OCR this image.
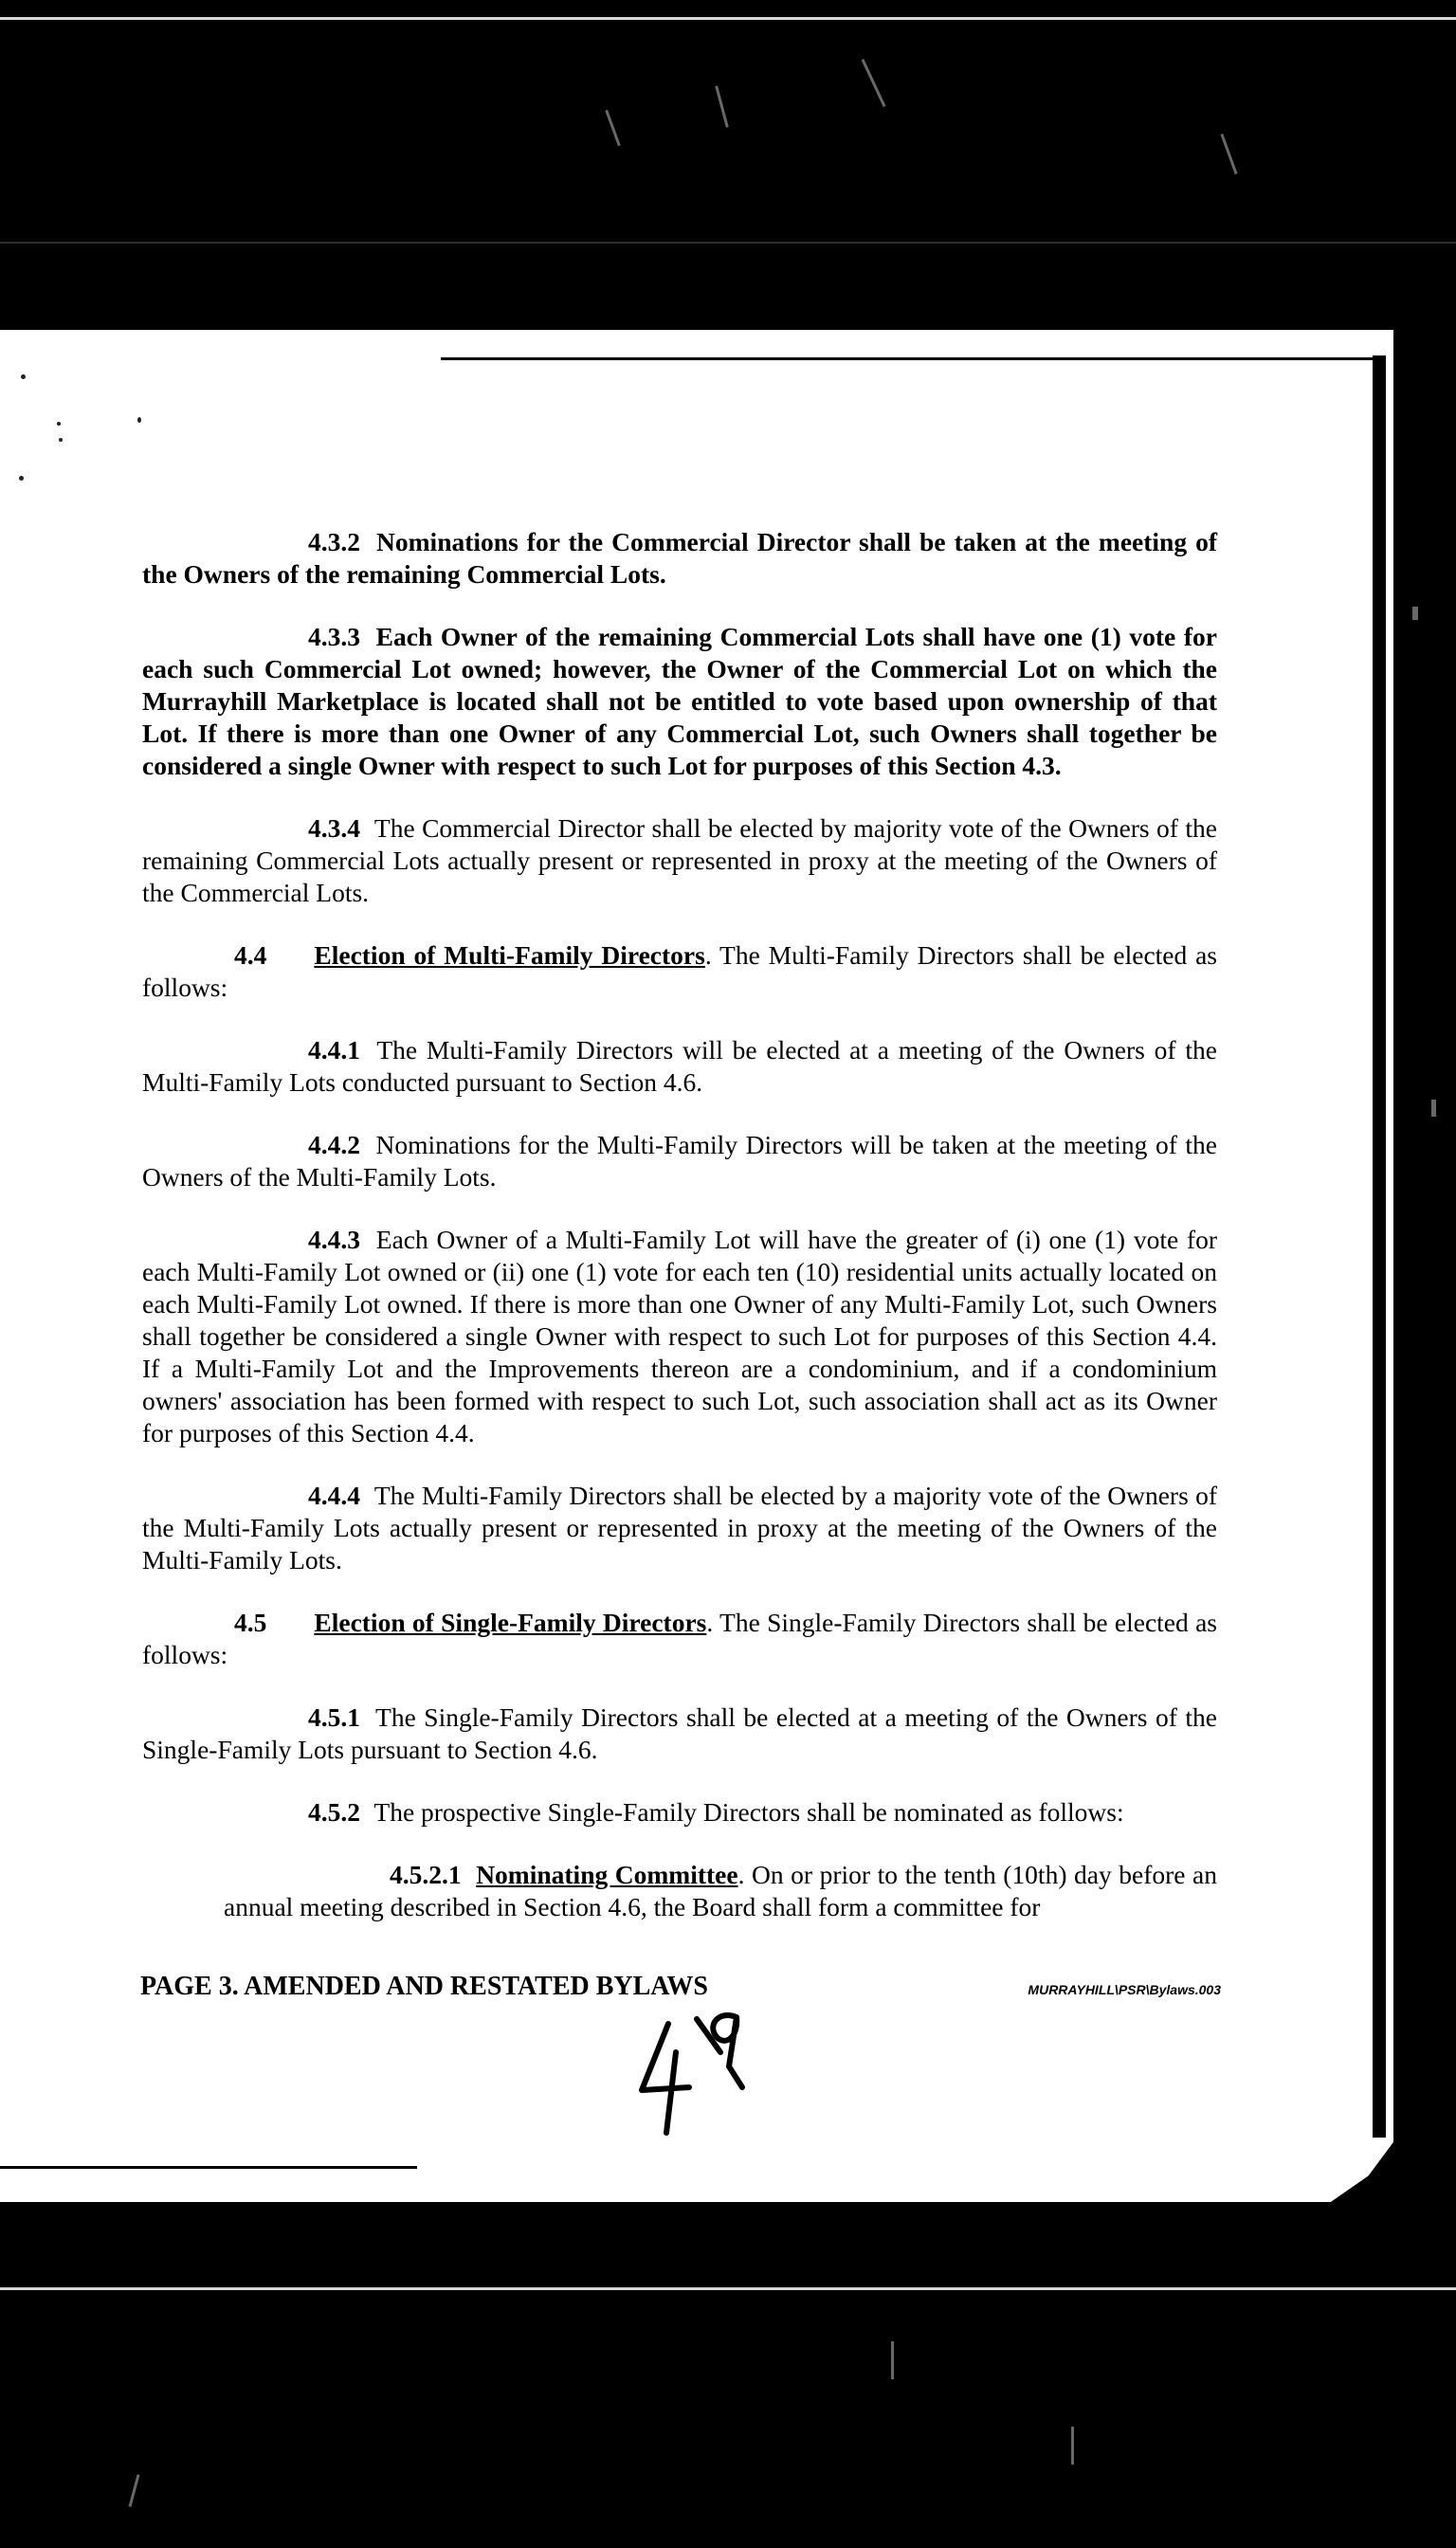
4.3.2 Nominations for the Commercial Director shall be taken at the meeting of the Owners of the remaining Commercial Lots.

4.3.3 Each Owner of the remaining Commercial Lots shall have one (1) vote for each such Commercial Lot owned; however, the Owner of the Commercial Lot on which the Murrayhill Marketplace is located shall not be entitled to vote based upon ownership of that Lot. If there is more than one Owner of any Commercial Lot, such Owners shall together be considered a single Owner with respect to such Lot for purposes of this Section 4.3.

4.3.4 The Commercial Director shall be elected by majority vote of the Owners of the remaining Commercial Lots actually present or represented in proxy at the meeting of the Owners of the Commercial Lots.

4.4 Election of Multi-Family Directors. The Multi-Family Directors shall be elected as follows:

4.4.1 The Multi-Family Directors will be elected at a meeting of the Owners of the Multi-Family Lots conducted pursuant to Section 4.6.

4.4.2 Nominations for the Multi-Family Directors will be taken at the meeting of the Owners of the Multi-Family Lots.

4.4.3 Each Owner of a Multi-Family Lot will have the greater of (i) one (1) vote for each Multi-Family Lot owned or (ii) one (1) vote for each ten (10) residential units actually located on each Multi-Family Lot owned. If there is more than one Owner of any Multi-Family Lot, such Owners shall together be considered a single Owner with respect to such Lot for purposes of this Section 4.4. If a Multi-Family Lot and the Improvements thereon are a condominium, and if a condominium owners' association has been formed with respect to such Lot, such association shall act as its Owner for purposes of this Section 4.4.

4.4.4 The Multi-Family Directors shall be elected by a majority vote of the Owners of the Multi-Family Lots actually present or represented in proxy at the meeting of the Owners of the Multi-Family Lots.

4.5 Election of Single-Family Directors. The Single-Family Directors shall be elected as follows:

4.5.1 The Single-Family Directors shall be elected at a meeting of the Owners of the Single-Family Lots pursuant to Section 4.6.

4.5.2 The prospective Single-Family Directors shall be nominated as follows:

4.5.2.1 Nominating Committee. On or prior to the tenth (10th) day before an annual meeting described in Section 4.6, the Board shall form a committee for

PAGE 3. AMENDED AND RESTATED BYLAWS	MURRAYHILL\PSR\Bylaws.003
